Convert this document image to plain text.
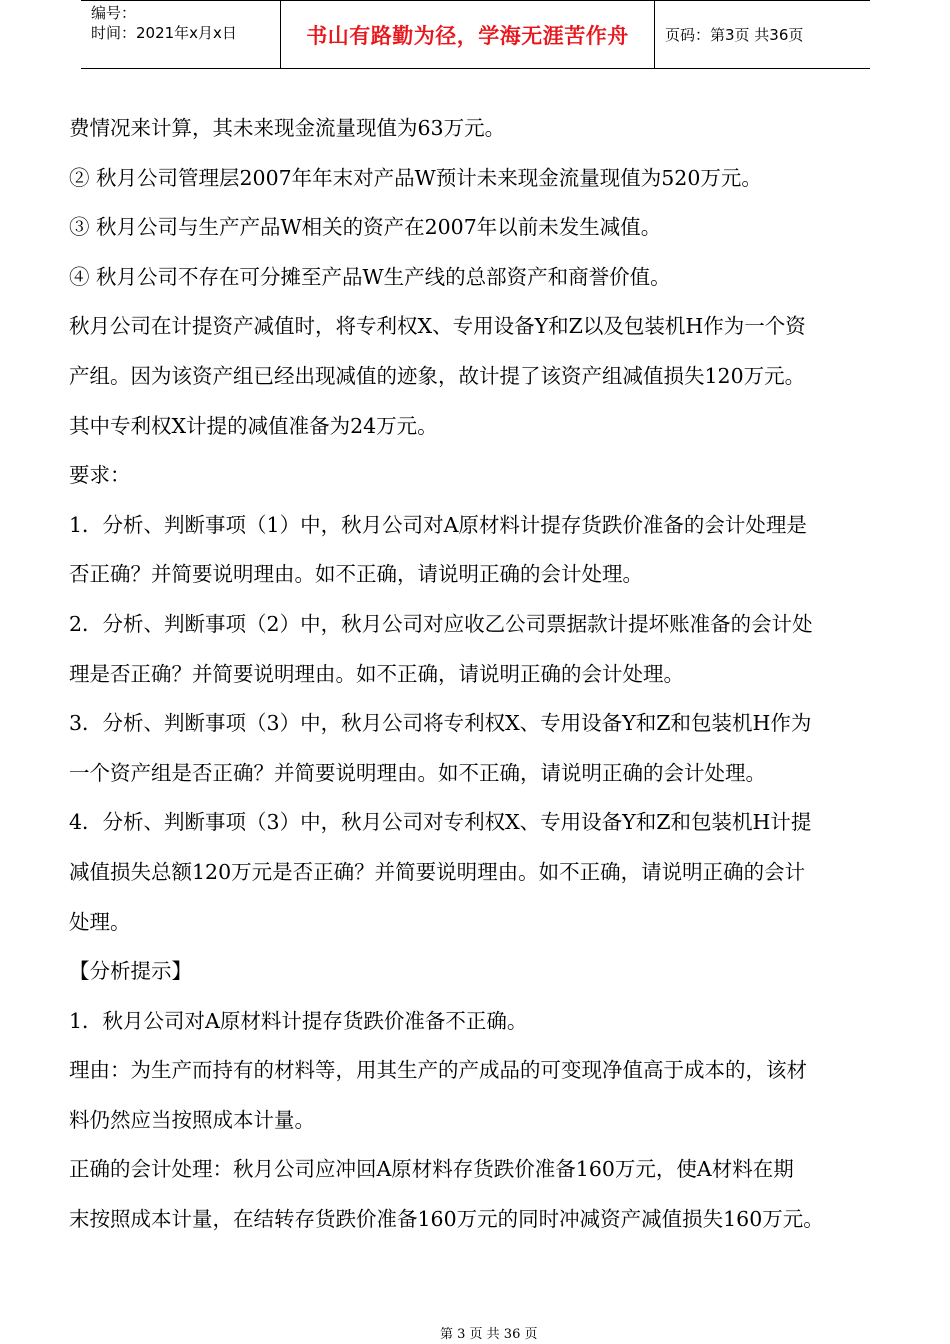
编号：
时间：2021年x月x日	书山有路勤为径，学海无涯苦作舟 页码：第3页 共36页

费情况来计算，其未来现金流量现值为63万元。

② 秋月公司管理层2007年年末对产品W预计未来现金流量现值为520万元。

③ 秋月公司与生产产品W相关的资产在2007年以前未发生减值。

④ 秋月公司不存在可分摊至产品W生产线的总部资产和商誉价值。

秋月公司在计提资产减值时，将专利权X、专用设备Y和Z以及包装机H作为一个资

产组。因为该资产组已经出现减值的迹象，故计提了该资产组减值损失120万元。

其中专利权X计提的减值准备为24万元。

要求：

1．分析、判断事项（1）中，秋月公司对A原材料计提存货跌价准备的会计处理是

否正确？并简要说明理由。如不正确，请说明正确的会计处理。

2．分析、判断事项（2）中，秋月公司对应收乙公司票据款计提坏账准备的会计处

理是否正确？并简要说明理由。如不正确，请说明正确的会计处理。

3．分析、判断事项（3）中，秋月公司将专利权X、专用设备Y和Z和包装机H作为

一个资产组是否正确？并简要说明理由。如不正确，请说明正确的会计处理。

4．分析、判断事项（3）中，秋月公司对专利权X、专用设备Y和Z和包装机H计提

减值损失总额120万元是否正确？并简要说明理由。如不正确，请说明正确的会计

处理。

【分析提示】

1．秋月公司对A原材料计提存货跌价准备不正确。

理由：为生产而持有的材料等，用其生产的产成品的可变现净值高于成本的，该材

料仍然应当按照成本计量。

正确的会计处理：秋月公司应冲回A原材料存货跌价准备160万元，使A材料在期

末按照成本计量，在结转存货跌价准备160万元的同时冲减资产减值损失160万元。

第 3 页 共 36 页
